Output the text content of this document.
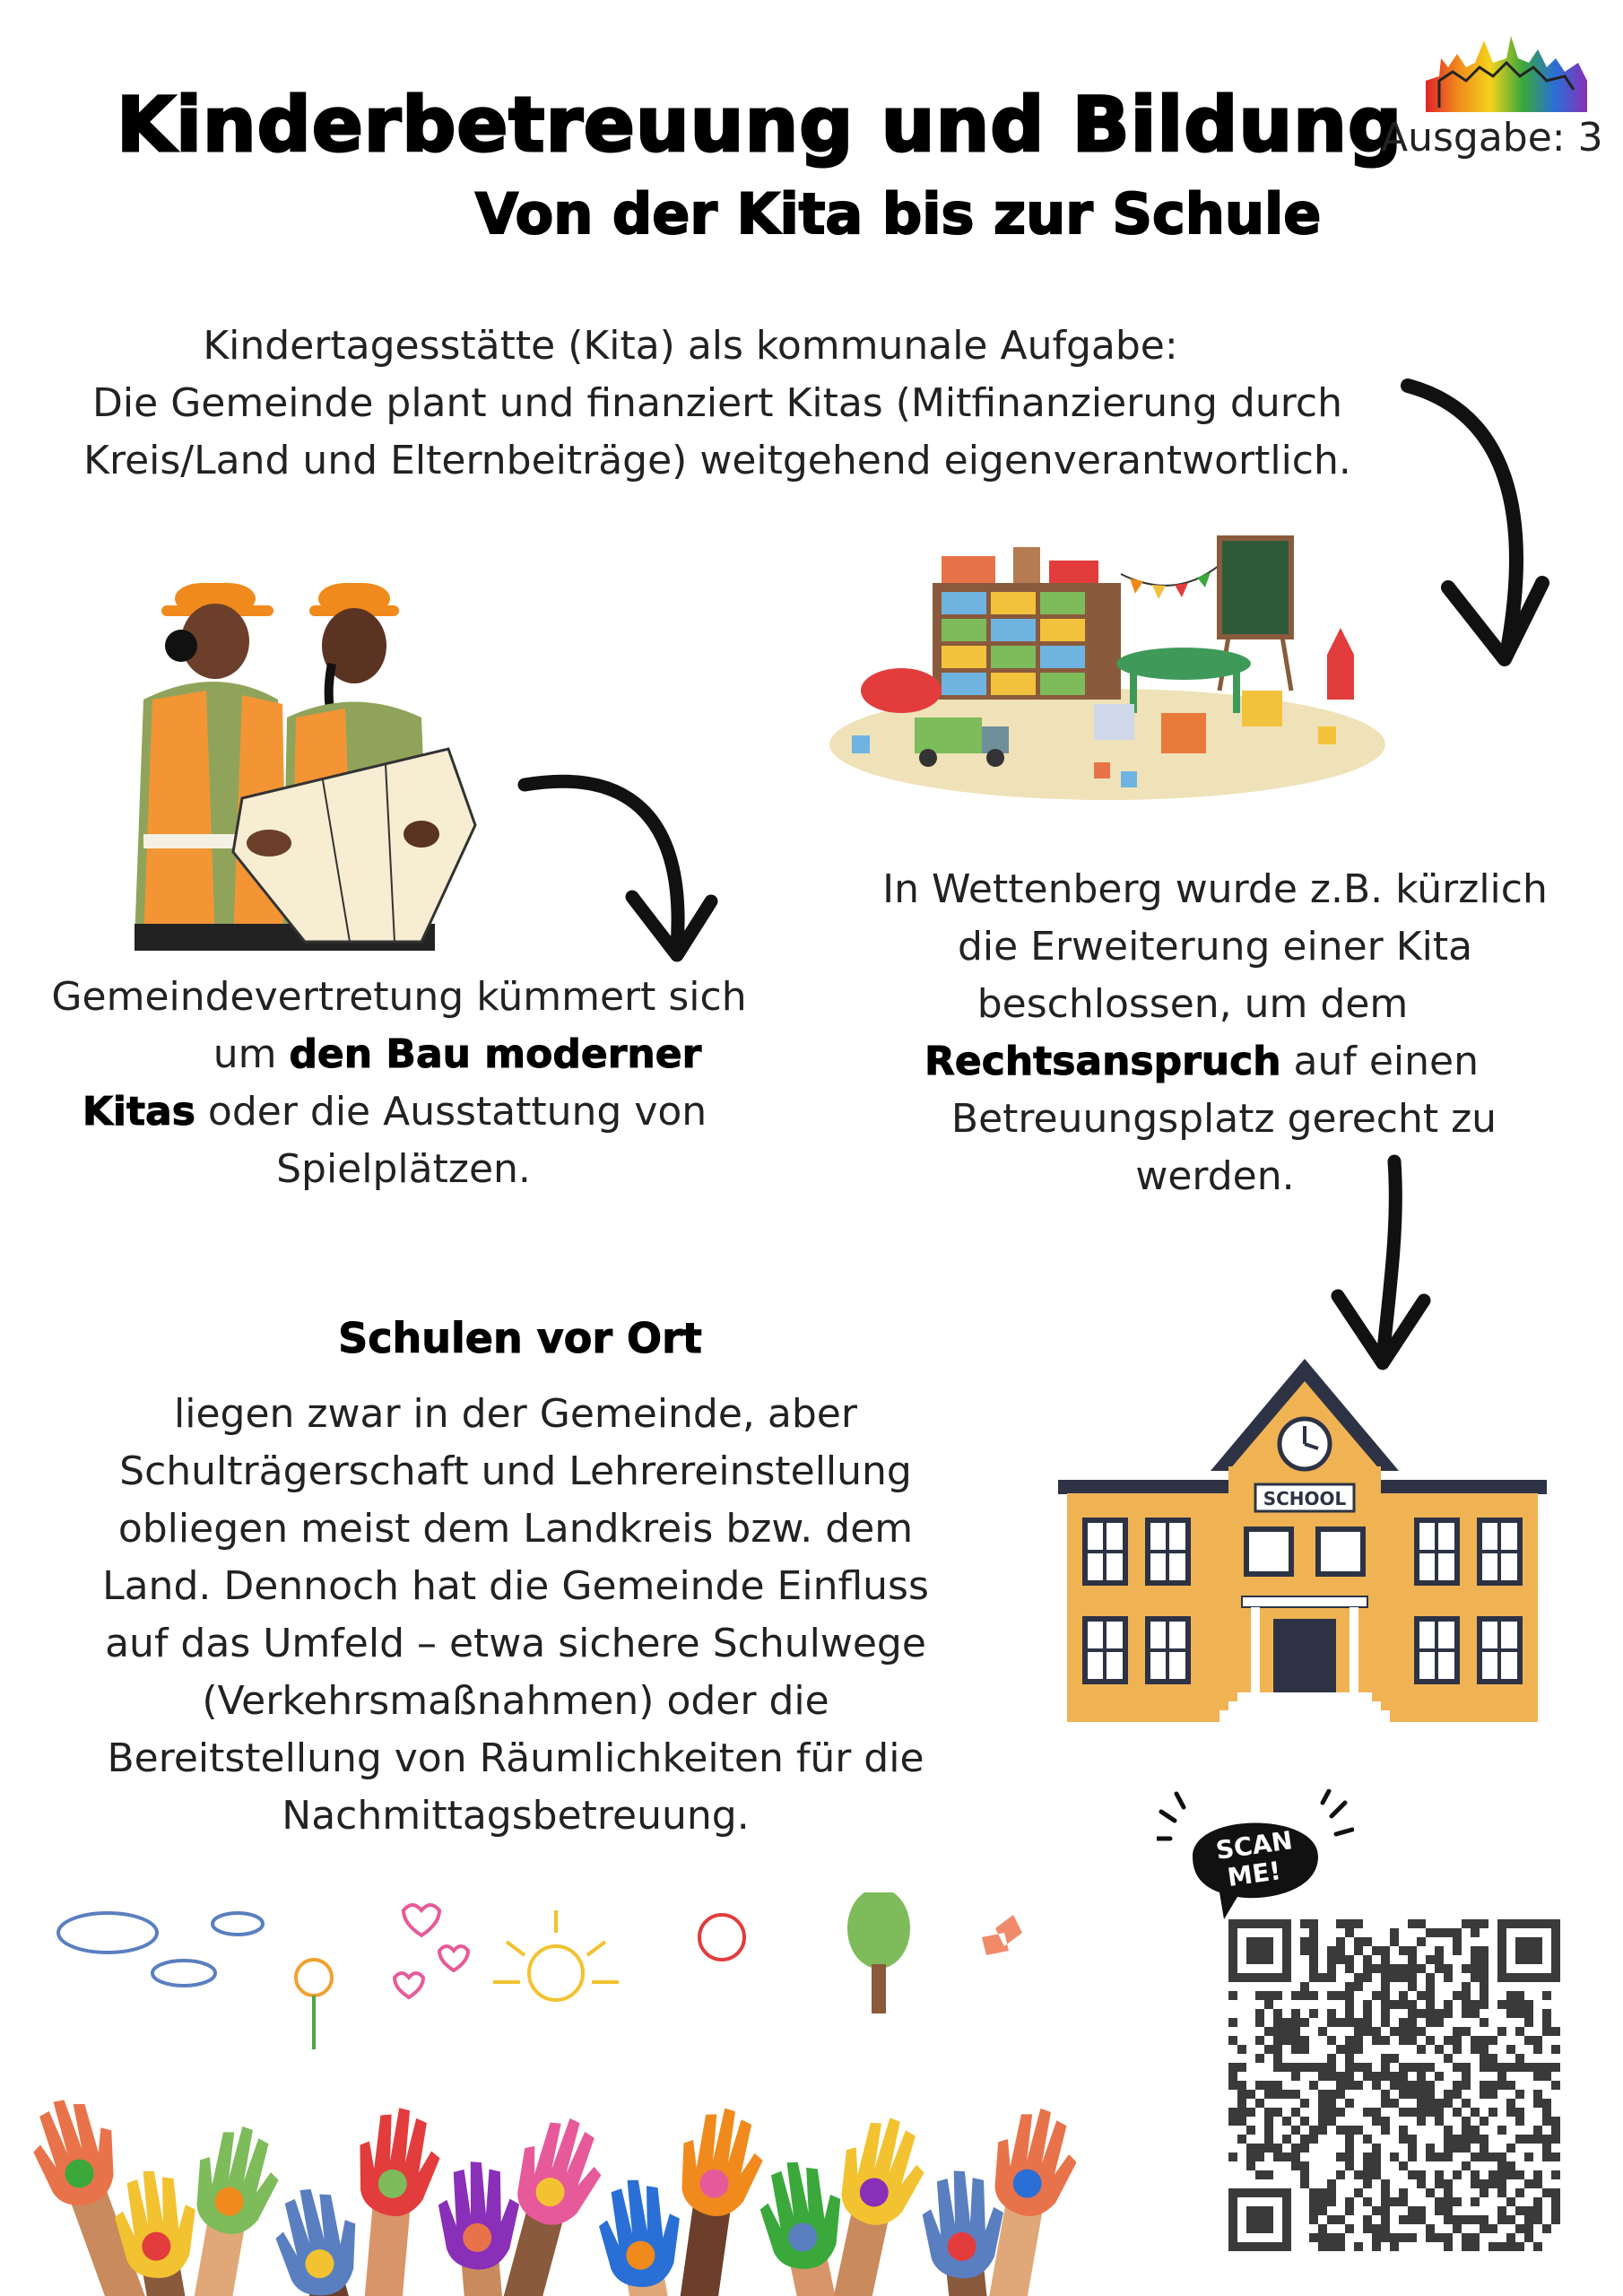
Kinderbetreuung und Bildung
Von der Kita bis zur Schule
Ausgabe: 3
Kindertagesstätte (Kita) als kommunale Aufgabe:
Die Gemeinde plant und finanziert Kitas (Mitfinanzierung durch
Kreis/Land und Elternbeiträge) weitgehend eigenverantwortlich.
Gemeindevertretung kümmert sich
um den Bau moderner
Kitas oder die Ausstattung von
Spielplätzen.
In Wettenberg wurde z.B. kürzlich
die Erweiterung einer Kita
beschlossen, um dem
Rechtsanspruch auf einen
Betreuungsplatz gerecht zu
werden.
Schulen vor Ort
liegen zwar in der Gemeinde, aber
Schulträgerschaft und Lehrereinstellung
obliegen meist dem Landkreis bzw. dem
Land. Dennoch hat die Gemeinde Einfluss
auf das Umfeld – etwa sichere Schulwege
(Verkehrsmaßnahmen) oder die
Bereitstellung von Räumlichkeiten für die
Nachmittagsbetreuung.
SCHOOL
SCAN
ME!
